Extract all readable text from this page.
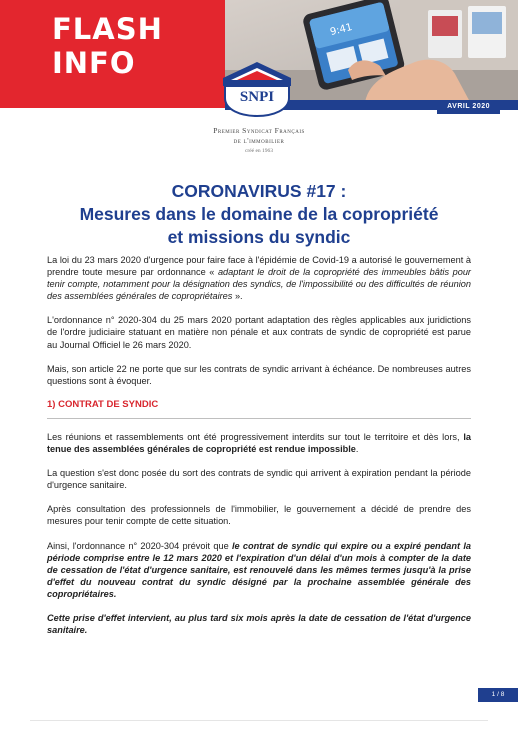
9:41
FLASH
INFO
AVRIL 2020
SNPI
Premier Syndicat Français
de l'immobilier
créé en 1963
CORONAVIRUS #17 :
Mesures dans le domaine de la copropriété
et missions du syndic

La loi du 23 mars 2020 d'urgence pour faire face à l'épidémie de Covid-19 a autorisé le gouvernement à prendre toute mesure par ordonnance « adaptant le droit de la copropriété des immeubles bâtis pour tenir compte, notamment pour la désignation des syndics, de l'impossibilité ou des difficultés de réunion des assemblées générales de copropriétaires ».

L'ordonnance n° 2020-304 du 25 mars 2020 portant adaptation des règles applicables aux juridictions de l'ordre judiciaire statuant en matière non pénale et aux contrats de syndic de copropriété est parue au Journal Officiel le 26 mars 2020.

Mais, son article 22 ne porte que sur les contrats de syndic arrivant à échéance. De nombreuses autres questions sont à évoquer.

1) CONTRAT DE SYNDIC

Les réunions et rassemblements ont été progressivement interdits sur tout le territoire et dès lors, la tenue des assemblées générales de copropriété est rendue impossible.

La question s'est donc posée du sort des contrats de syndic qui arrivent à expiration pendant la période d'urgence sanitaire.

Après consultation des professionnels de l'immobilier, le gouvernement a décidé de prendre des mesures pour tenir compte de cette situation.

Ainsi, l'ordonnance n° 2020-304 prévoit que le contrat de syndic qui expire ou a expiré pendant la période comprise entre le 12 mars 2020 et l'expiration d'un délai d'un mois à compter de la date de cessation de l'état d'urgence sanitaire, est renouvelé dans les mêmes termes jusqu'à la prise d'effet du nouveau contrat du syndic désigné par la prochaine assemblée générale des copropriétaires.

Cette prise d'effet intervient, au plus tard six mois après la date de cessation de l'état d'urgence sanitaire.

1 / 8
